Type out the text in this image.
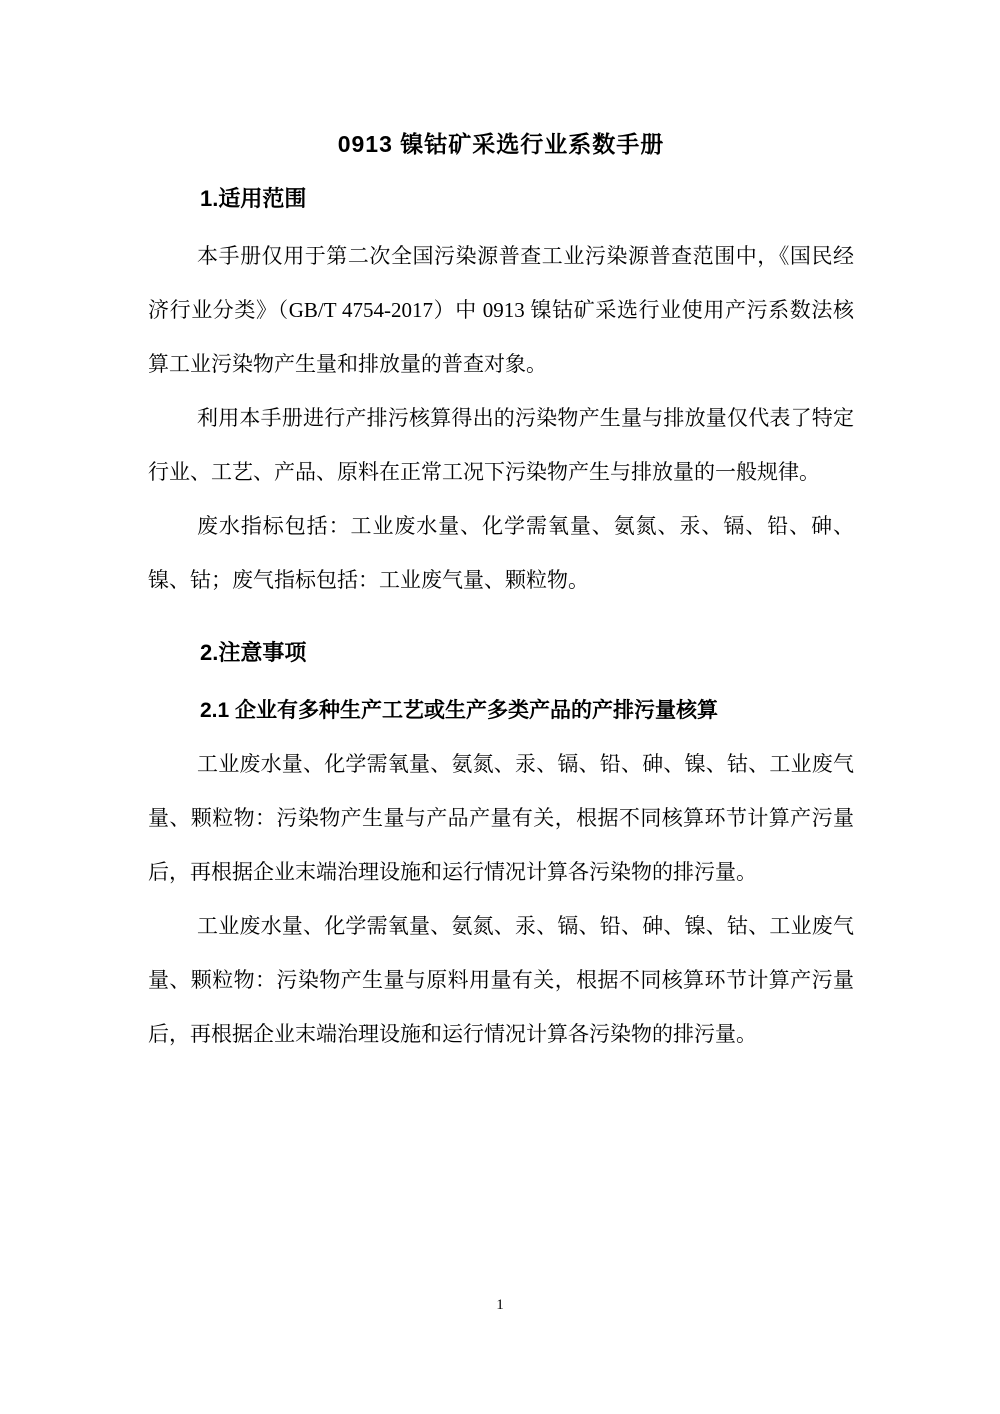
0913 镍钴矿采选行业系数手册
1.适用范围

本手册仅用于第二次全国污染源普查工业污染源普查范围中，《国民经济行业分类》（GB/T 4754-2017）中 0913 镍钴矿采选行业使用产污系数法核算工业污染物产生量和排放量的普查对象。

利用本手册进行产排污核算得出的污染物产生量与排放量仅代表了特定行业、工艺、产品、原料在正常工况下污染物产生与排放量的一般规律。

废水指标包括：工业废水量、化学需氧量、氨氮、汞、镉、铅、砷、镍、钴；废气指标包括：工业废气量、颗粒物。

2.注意事项
2.1 企业有多种生产工艺或生产多类产品的产排污量核算

工业废水量、化学需氧量、氨氮、汞、镉、铅、砷、镍、钴、工业废气量、颗粒物：污染物产生量与产品产量有关，根据不同核算环节计算产污量后，再根据企业末端治理设施和运行情况计算各污染物的排污量。

工业废水量、化学需氧量、氨氮、汞、镉、铅、砷、镍、钴、工业废气量、颗粒物：污染物产生量与原料用量有关，根据不同核算环节计算产污量后，再根据企业末端治理设施和运行情况计算各污染物的排污量。

1
